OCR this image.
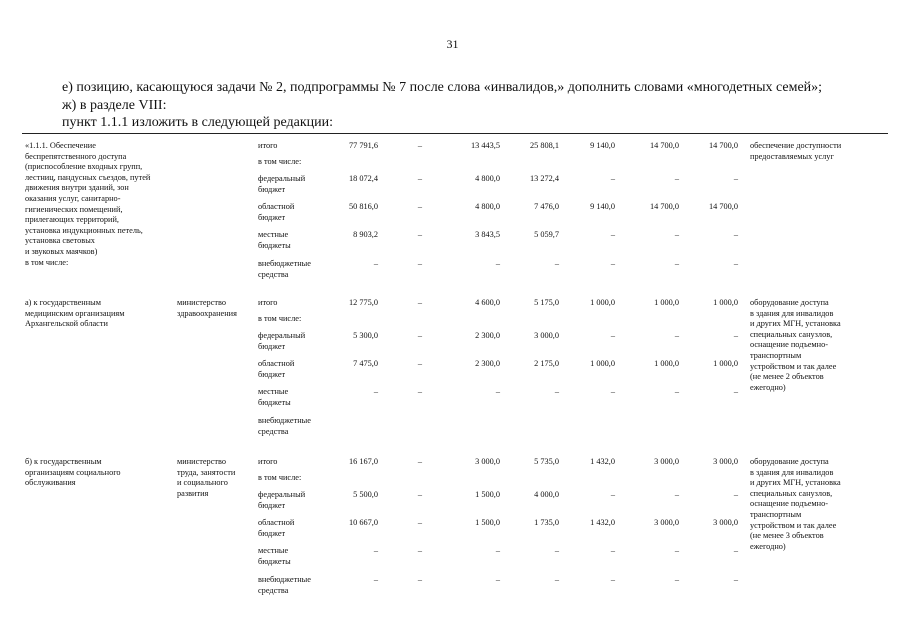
31
е) позицию, касающуюся задачи № 2, подпрограммы № 7 после слова «инвалидов,» дополнить словами «многодетных семей»;
ж) в разделе VIII:
пункт 1.1.1 изложить в следующей редакции:
«1.1.1. Обеспечение
беспрепятственного доступа
(приспособление входных групп,
лестниц, пандусных съездов, путей
движения внутри зданий, зон
оказания услуг, санитарно-
гигиенических помещений,
прилегающих территорий,
установка индукционных петель,
установка световых
и звуковых маячков)
в том числе:
обеспечение доступности
предоставляемых услуг
итого	77 791,6	–	13 443,5	25 808,1	9 140,0	14 700,0	14 700,0
в том числе:
федеральный
бюджет
18 072,4	–	4 800,0	13 272,4	–	–	–
областной
бюджет
50 816,0	–	4 800,0	7 476,0	9 140,0	14 700,0	14 700,0
местные
бюджеты
8 903,2	–	3 843,5	5 059,7	–	–	–
внебюджетные
средства
–	–	–	–	–	–	–
а) к государственным
медицинским организациям
Архангельской области
министерство
здравоохранения
оборудование доступа
в здания для инвалидов
и других МГН, установка
специальных санузлов,
оснащение подъемно-
транспортным
устройством и так далее
(не менее 2 объектов
ежегодно)
итого	12 775,0	–	4 600,0	5 175,0	1 000,0	1 000,0	1 000,0
в том числе:
федеральный
бюджет
5 300,0	–	2 300,0	3 000,0	–	–	–
областной
бюджет
7 475,0	–	2 300,0	2 175,0	1 000,0	1 000,0	1 000,0
местные
бюджеты
–	–	–	–	–	–	–
внебюджетные
средства
б) к государственным
организациям социального
обслуживания
министерство
труда, занятости
и социального
развития
оборудование доступа
в здания для инвалидов
и других МГН, установка
специальных санузлов,
оснащение подъемно-
транспортным
устройством и так далее
(не менее 3 объектов
ежегодно)
итого	16 167,0	–	3 000,0	5 735,0	1 432,0	3 000,0	3 000,0
в том числе:
федеральный
бюджет
5 500,0	–	1 500,0	4 000,0	–	–	–
областной
бюджет
10 667,0	–	1 500,0	1 735,0	1 432,0	3 000,0	3 000,0
местные
бюджеты
–	–	–	–	–	–	–
внебюджетные
средства
–	–	–	–	–	–	–
